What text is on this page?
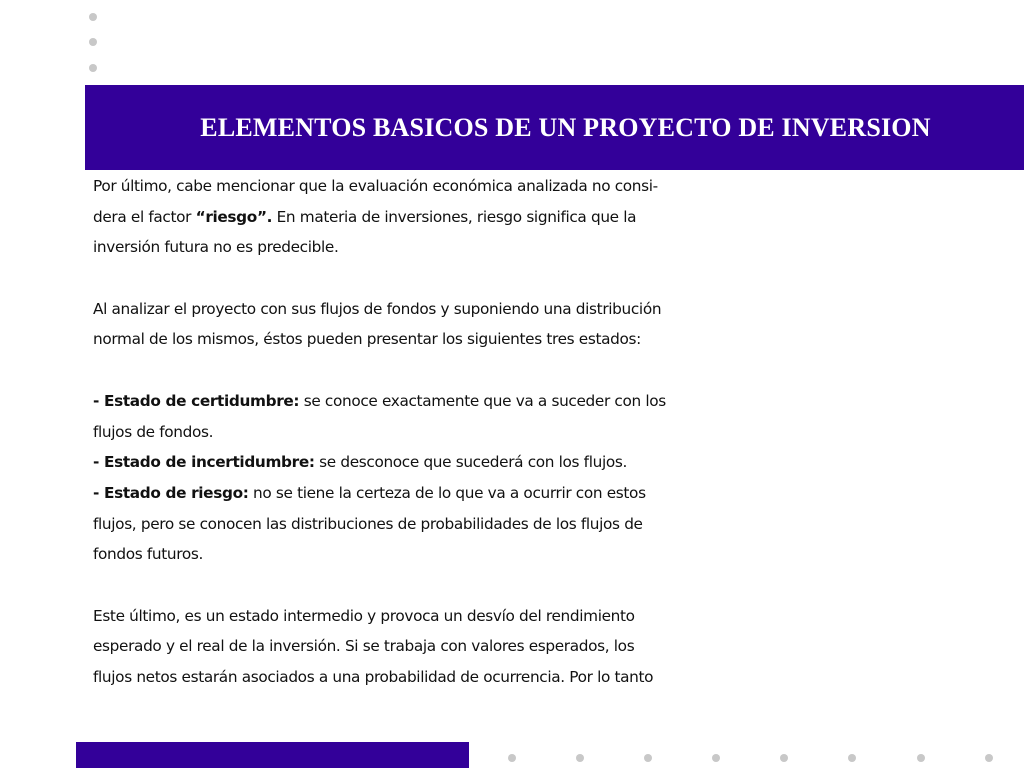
ELEMENTOS BASICOS DE UN PROYECTO DE INVERSION
Por último, cabe mencionar que la evaluación económica analizada no consi-
dera el factor “riesgo”. En materia de inversiones, riesgo significa que la
inversión futura no es predecible.
Al analizar el proyecto con sus flujos de fondos y suponiendo una distribución
normal de los mismos, éstos pueden presentar los siguientes tres estados:
- Estado de certidumbre: se conoce exactamente que va a suceder con los
flujos de fondos.
- Estado de incertidumbre: se desconoce que sucederá con los flujos.
- Estado de riesgo: no se tiene la certeza de lo que va a ocurrir con estos
flujos, pero se conocen las distribuciones de probabilidades de los flujos de
fondos futuros.
Este último, es un estado intermedio y provoca un desvío del rendimiento
esperado y el real de la inversión. Si se trabaja con valores esperados, los
flujos netos estarán asociados a una probabilidad de ocurrencia. Por lo tanto
